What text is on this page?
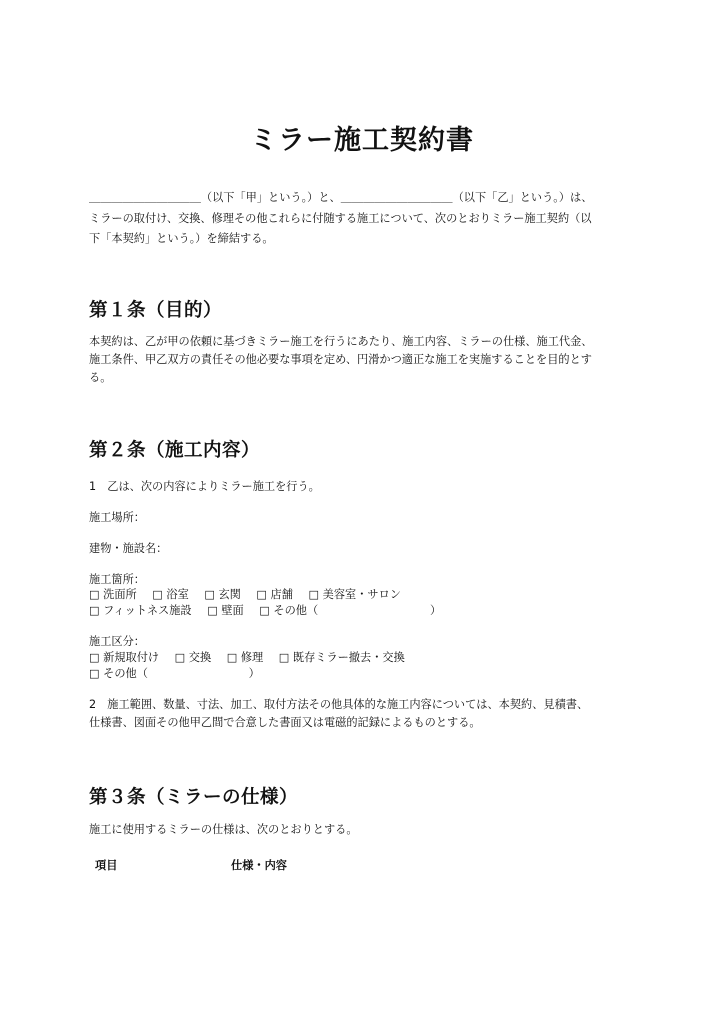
ミラー施工契約書

＿＿＿＿＿＿＿＿＿＿（以下「甲」という。）と、＿＿＿＿＿＿＿＿＿＿（以下「乙」という。）は、

ミラーの取付け、交換、修理その他これらに付随する施工について、次のとおりミラー施工契約（以

下「本契約」という。）を締結する。

第１条（目的）

本契約は、乙が甲の依頼に基づきミラー施工を行うにあたり、施工内容、ミラーの仕様、施工代金、

施工条件、甲乙双方の責任その他必要な事項を定め、円滑かつ適正な施工を実施することを目的とす

る。

第２条（施工内容）

1　乙は、次の内容によりミラー施工を行う。

施工場所：

建物・施設名：

施工箇所：

□ 洗面所 □ 浴室 □ 玄関 □ 店舗 □ 美容室・サロン
□ フィットネス施設 □ 壁面 □ その他（　　　　　　　　　　）

施工区分：

□ 新規取付け □ 交換 □ 修理 □ 既存ミラー撤去・交換
□ その他（　　　　　　　　　）

2　施工範囲、数量、寸法、加工、取付方法その他具体的な施工内容については、本契約、見積書、

仕様書、図面その他甲乙間で合意した書面又は電磁的記録によるものとする。

第３条（ミラーの仕様）

施工に使用するミラーの仕様は、次のとおりとする。

項目	仕様・内容
